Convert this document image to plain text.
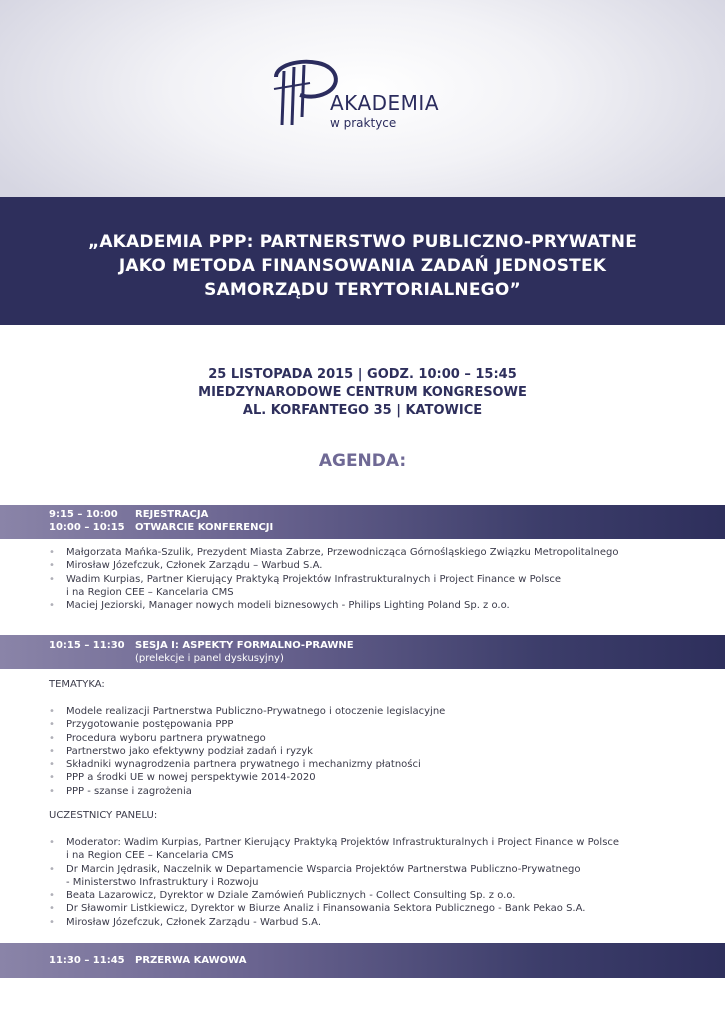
AKADEMIA
w praktyce
„AKADEMIA PPP: PARTNERSTWO PUBLICZNO-PRYWATNE
JAKO METODA FINANSOWANIA ZADAŃ JEDNOSTEK
SAMORZĄDU TERYTORIALNEGO”
25 LISTOPADA 2015 | GODZ. 10:00 – 15:45
MIEDZYNARODOWE CENTRUM KONGRESOWE
AL. KORFANTEGO 35 | KATOWICE
AGENDA:
9:15 – 10:00 REJESTRACJA
10:00 – 10:15 OTWARCIE KONFERENCJI
• Małgorzata Mańka-Szulik, Prezydent Miasta Zabrze, Przewodnicząca Górnośląskiego Związku Metropolitalnego
• Mirosław Józefczuk, Członek Zarządu – Warbud S.A.
• Wadim Kurpias, Partner Kierujący Praktyką Projektów Infrastrukturalnych i Project Finance w Polsce
i na Region CEE – Kancelaria CMS
• Maciej Jeziorski, Manager nowych modeli biznesowych - Philips Lighting Poland Sp. z o.o.
10:15 – 11:30 SESJA I: ASPEKTY FORMALNO-PRAWNE
(prelekcje i panel dyskusyjny)
TEMATYKA:
• Modele realizacji Partnerstwa Publiczno-Prywatnego i otoczenie legislacyjne
• Przygotowanie postępowania PPP
• Procedura wyboru partnera prywatnego
• Partnerstwo jako efektywny podział zadań i ryzyk
• Składniki wynagrodzenia partnera prywatnego i mechanizmy płatności
• PPP a środki UE w nowej perspektywie 2014-2020
• PPP - szanse i zagrożenia
UCZESTNICY PANELU:
• Moderator: Wadim Kurpias, Partner Kierujący Praktyką Projektów Infrastrukturalnych i Project Finance w Polsce
i na Region CEE – Kancelaria CMS
• Dr Marcin Jędrasik, Naczelnik w Departamencie Wsparcia Projektów Partnerstwa Publiczno-Prywatnego
- Ministerstwo Infrastruktury i Rozwoju
• Beata Lazarowicz, Dyrektor w Dziale Zamówień Publicznych - Collect Consulting Sp. z o.o.
• Dr Sławomir Listkiewicz, Dyrektor w Biurze Analiz i Finansowania Sektora Publicznego - Bank Pekao S.A.
• Mirosław Józefczuk, Członek Zarządu - Warbud S.A.
11:30 – 11:45 PRZERWA KAWOWA
